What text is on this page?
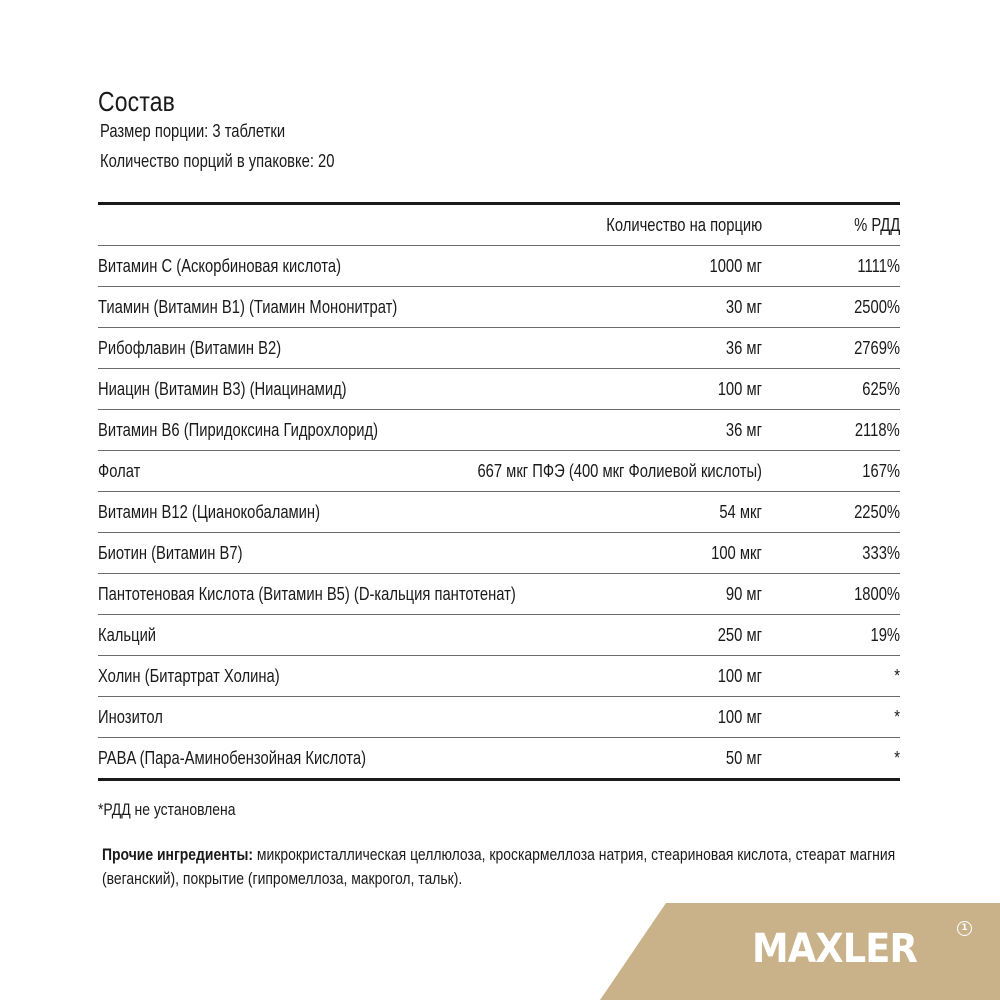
Состав
Размер порции: 3 таблетки
Количество порций в упаковке: 20
Количество на порцию	% РДД
Витамин С (Аскорбиновая кислота)	1000 мг	1111%
Тиамин (Витамин В1) (Тиамин Мононитрат)	30 мг	2500%
Рибофлавин (Витамин В2)	36 мг	2769%
Ниацин (Витамин В3) (Ниацинамид)	100 мг	625%
Витамин В6 (Пиридоксина Гидрохлорид)	36 мг	2118%
Фолат	667 мкг ПФЭ (400 мкг Фолиевой кислоты)	167%
Витамин В12 (Цианокобаламин)	54 мкг	2250%
Биотин (Витамин В7)	100 мкг	333%
Пантотеновая Кислота (Витамин В5) (D-кальция пантотенат)	90 мг	1800%
Кальций	250 мг	19%
Холин (Битартрат Холина)	100 мг	*
Инозитол	100 мг	*
PABA (Пара-Аминобензойная Кислота)	50 мг	*
*РДД не установлена
Прочие ингредиенты: микрокристаллическая целлюлоза, кроскармеллоза натрия, стеариновая кислота, стеарат магния (веганский), покрытие (гипромеллоза, макрогол, тальк).
MAXLER	1
